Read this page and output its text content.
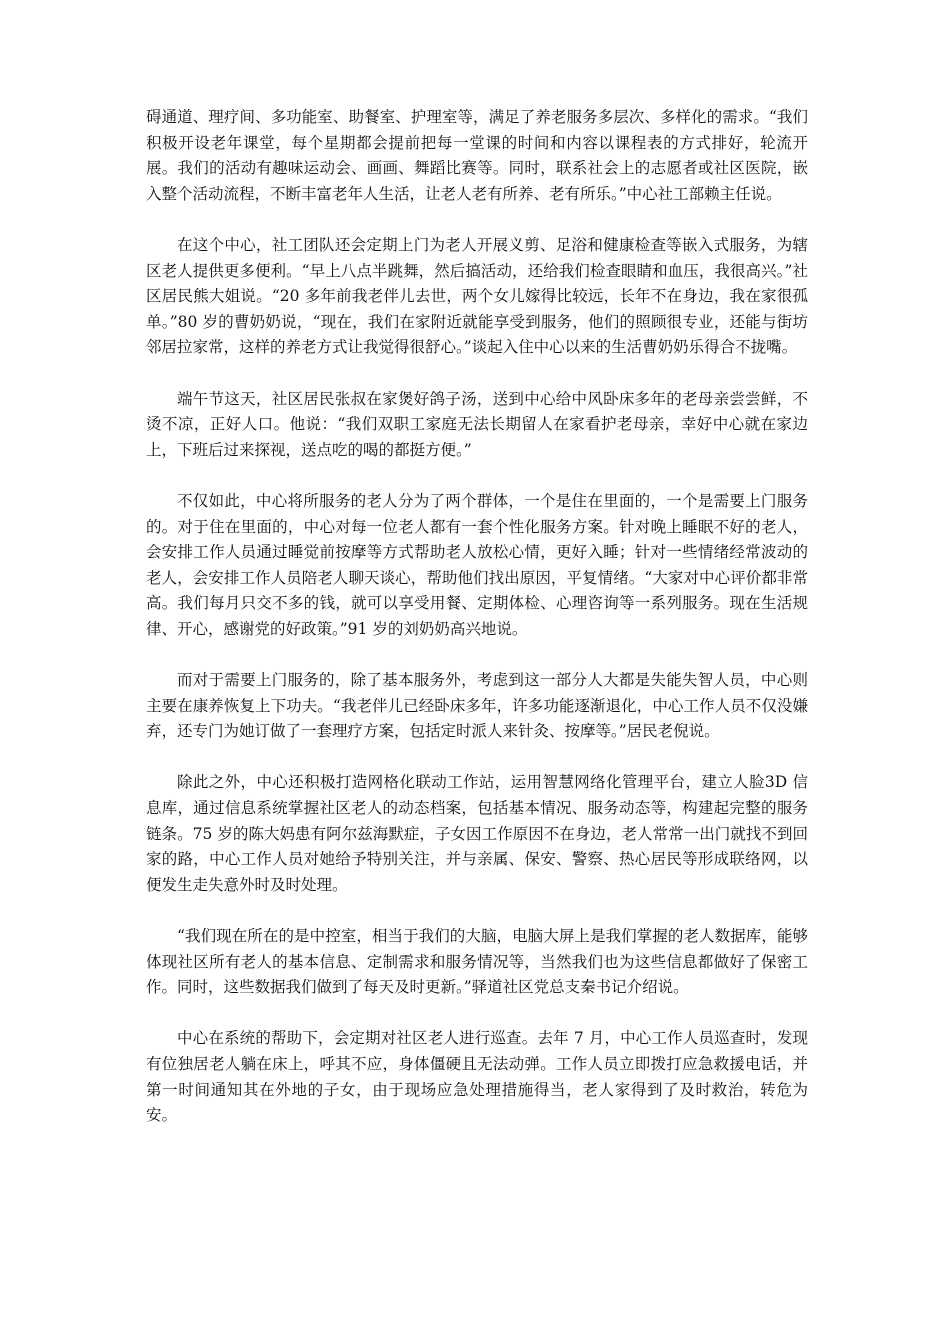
碍通道、理疗间、多功能室、助餐室、护理室等，满足了养老服务多层次、多样化的需求。“我们积极开设老年课堂，每个星期都会提前把每一堂课的时间和内容以课程表的方式排好，轮流开展。我们的活动有趣味运动会、画画、舞蹈比赛等。同时，联系社会上的志愿者或社区医院，嵌入整个活动流程，不断丰富老年人生活，让老人老有所养、老有所乐。”中心社工部赖主任说。

在这个中心，社工团队还会定期上门为老人开展义剪、足浴和健康检查等嵌入式服务，为辖区老人提供更多便利。“早上八点半跳舞，然后搞活动，还给我们检查眼睛和血压，我很高兴。”社区居民熊大姐说。“20 多年前我老伴儿去世，两个女儿嫁得比较远，长年不在身边，我在家很孤单。”80 岁的曹奶奶说，“现在，我们在家附近就能享受到服务，他们的照顾很专业，还能与街坊邻居拉家常，这样的养老方式让我觉得很舒心。”谈起入住中心以来的生活曹奶奶乐得合不拢嘴。

端午节这天，社区居民张叔在家煲好鸽子汤，送到中心给中风卧床多年的老母亲尝尝鲜，不烫不凉，正好人口。他说：“我们双职工家庭无法长期留人在家看护老母亲，幸好中心就在家边上，下班后过来探视，送点吃的喝的都挺方便。”

不仅如此，中心将所服务的老人分为了两个群体，一个是住在里面的，一个是需要上门服务的。对于住在里面的，中心对每一位老人都有一套个性化服务方案。针对晚上睡眠不好的老人，会安排工作人员通过睡觉前按摩等方式帮助老人放松心情，更好入睡；针对一些情绪经常波动的老人，会安排工作人员陪老人聊天谈心，帮助他们找出原因，平复情绪。“大家对中心评价都非常高。我们每月只交不多的钱，就可以享受用餐、定期体检、心理咨询等一系列服务。现在生活规律、开心，感谢党的好政策。”91 岁的刘奶奶高兴地说。

而对于需要上门服务的，除了基本服务外，考虑到这一部分人大都是失能失智人员，中心则主要在康养恢复上下功夫。“我老伴儿已经卧床多年，许多功能逐渐退化，中心工作人员不仅没嫌弃，还专门为她订做了一套理疗方案，包括定时派人来针灸、按摩等。”居民老倪说。

除此之外，中心还积极打造网格化联动工作站，运用智慧网络化管理平台，建立人脸3D 信息库，通过信息系统掌握社区老人的动态档案，包括基本情况、服务动态等，构建起完整的服务链条。75 岁的陈大妈患有阿尔兹海默症，子女因工作原因不在身边，老人常常一出门就找不到回家的路，中心工作人员对她给予特别关注，并与亲属、保安、警察、热心居民等形成联络网，以便发生走失意外时及时处理。

“我们现在所在的是中控室，相当于我们的大脑，电脑大屏上是我们掌握的老人数据库，能够体现社区所有老人的基本信息、定制需求和服务情况等，当然我们也为这些信息都做好了保密工作。同时，这些数据我们做到了每天及时更新。”驿道社区党总支秦书记介绍说。

中心在系统的帮助下，会定期对社区老人进行巡查。去年 7 月，中心工作人员巡查时，发现有位独居老人躺在床上，呼其不应，身体僵硬且无法动弹。工作人员立即拨打应急救援电话，并第一时间通知其在外地的子女，由于现场应急处理措施得当，老人家得到了及时救治，转危为安。
